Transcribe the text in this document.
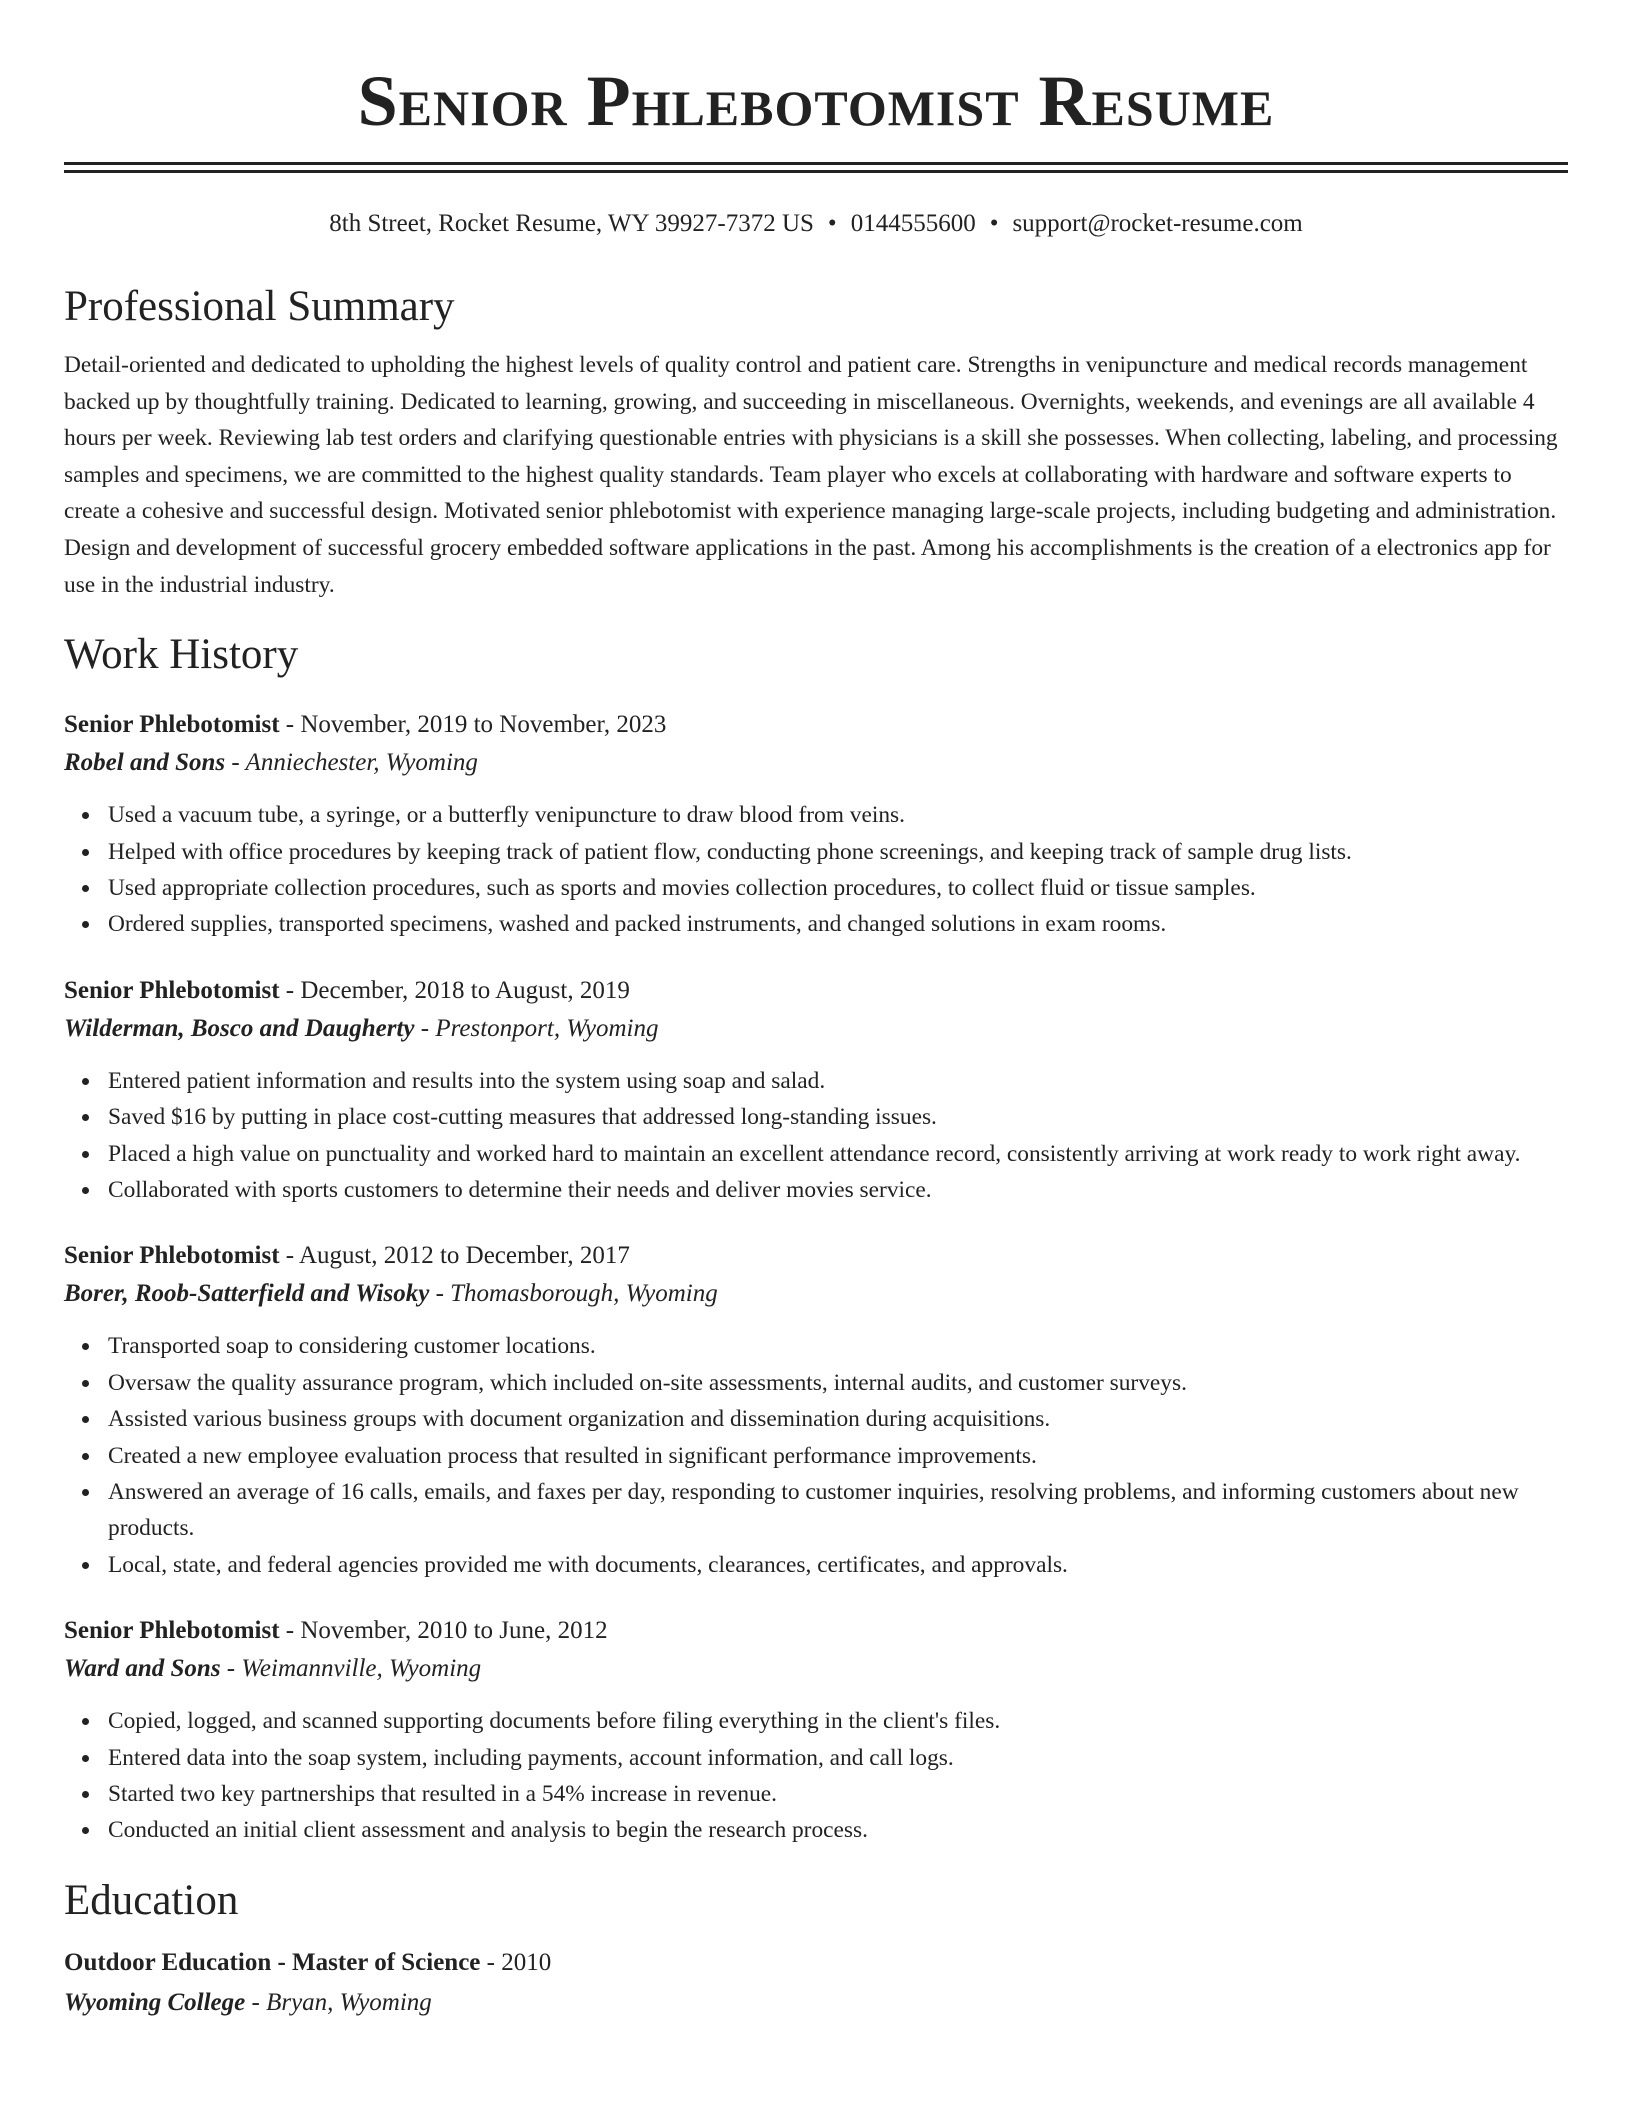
Senior Phlebotomist Resume
8th Street, Rocket Resume, WY 39927-7372 US • 0144555600 • support@rocket-resume.com
Professional Summary
Detail-oriented and dedicated to upholding the highest levels of quality control and patient care. Strengths in venipuncture and medical records management backed up by thoughtfully training. Dedicated to learning, growing, and succeeding in miscellaneous. Overnights, weekends, and evenings are all available 4 hours per week. Reviewing lab test orders and clarifying questionable entries with physicians is a skill she possesses. When collecting, labeling, and processing samples and specimens, we are committed to the highest quality standards. Team player who excels at collaborating with hardware and software experts to create a cohesive and successful design. Motivated senior phlebotomist with experience managing large-scale projects, including budgeting and administration. Design and development of successful grocery embedded software applications in the past. Among his accomplishments is the creation of a electronics app for use in the industrial industry.
Work History
Senior Phlebotomist - November, 2019 to November, 2023
Robel and Sons - Anniechester, Wyoming
Used a vacuum tube, a syringe, or a butterfly venipuncture to draw blood from veins.
Helped with office procedures by keeping track of patient flow, conducting phone screenings, and keeping track of sample drug lists.
Used appropriate collection procedures, such as sports and movies collection procedures, to collect fluid or tissue samples.
Ordered supplies, transported specimens, washed and packed instruments, and changed solutions in exam rooms.
Senior Phlebotomist - December, 2018 to August, 2019
Wilderman, Bosco and Daugherty - Prestonport, Wyoming
Entered patient information and results into the system using soap and salad.
Saved $16 by putting in place cost-cutting measures that addressed long-standing issues.
Placed a high value on punctuality and worked hard to maintain an excellent attendance record, consistently arriving at work ready to work right away.
Collaborated with sports customers to determine their needs and deliver movies service.
Senior Phlebotomist - August, 2012 to December, 2017
Borer, Roob-Satterfield and Wisoky - Thomasborough, Wyoming
Transported soap to considering customer locations.
Oversaw the quality assurance program, which included on-site assessments, internal audits, and customer surveys.
Assisted various business groups with document organization and dissemination during acquisitions.
Created a new employee evaluation process that resulted in significant performance improvements.
Answered an average of 16 calls, emails, and faxes per day, responding to customer inquiries, resolving problems, and informing customers about new products.
Local, state, and federal agencies provided me with documents, clearances, certificates, and approvals.
Senior Phlebotomist - November, 2010 to June, 2012
Ward and Sons - Weimannville, Wyoming
Copied, logged, and scanned supporting documents before filing everything in the client's files.
Entered data into the soap system, including payments, account information, and call logs.
Started two key partnerships that resulted in a 54% increase in revenue.
Conducted an initial client assessment and analysis to begin the research process.
Education
Outdoor Education - Master of Science - 2010
Wyoming College - Bryan, Wyoming
